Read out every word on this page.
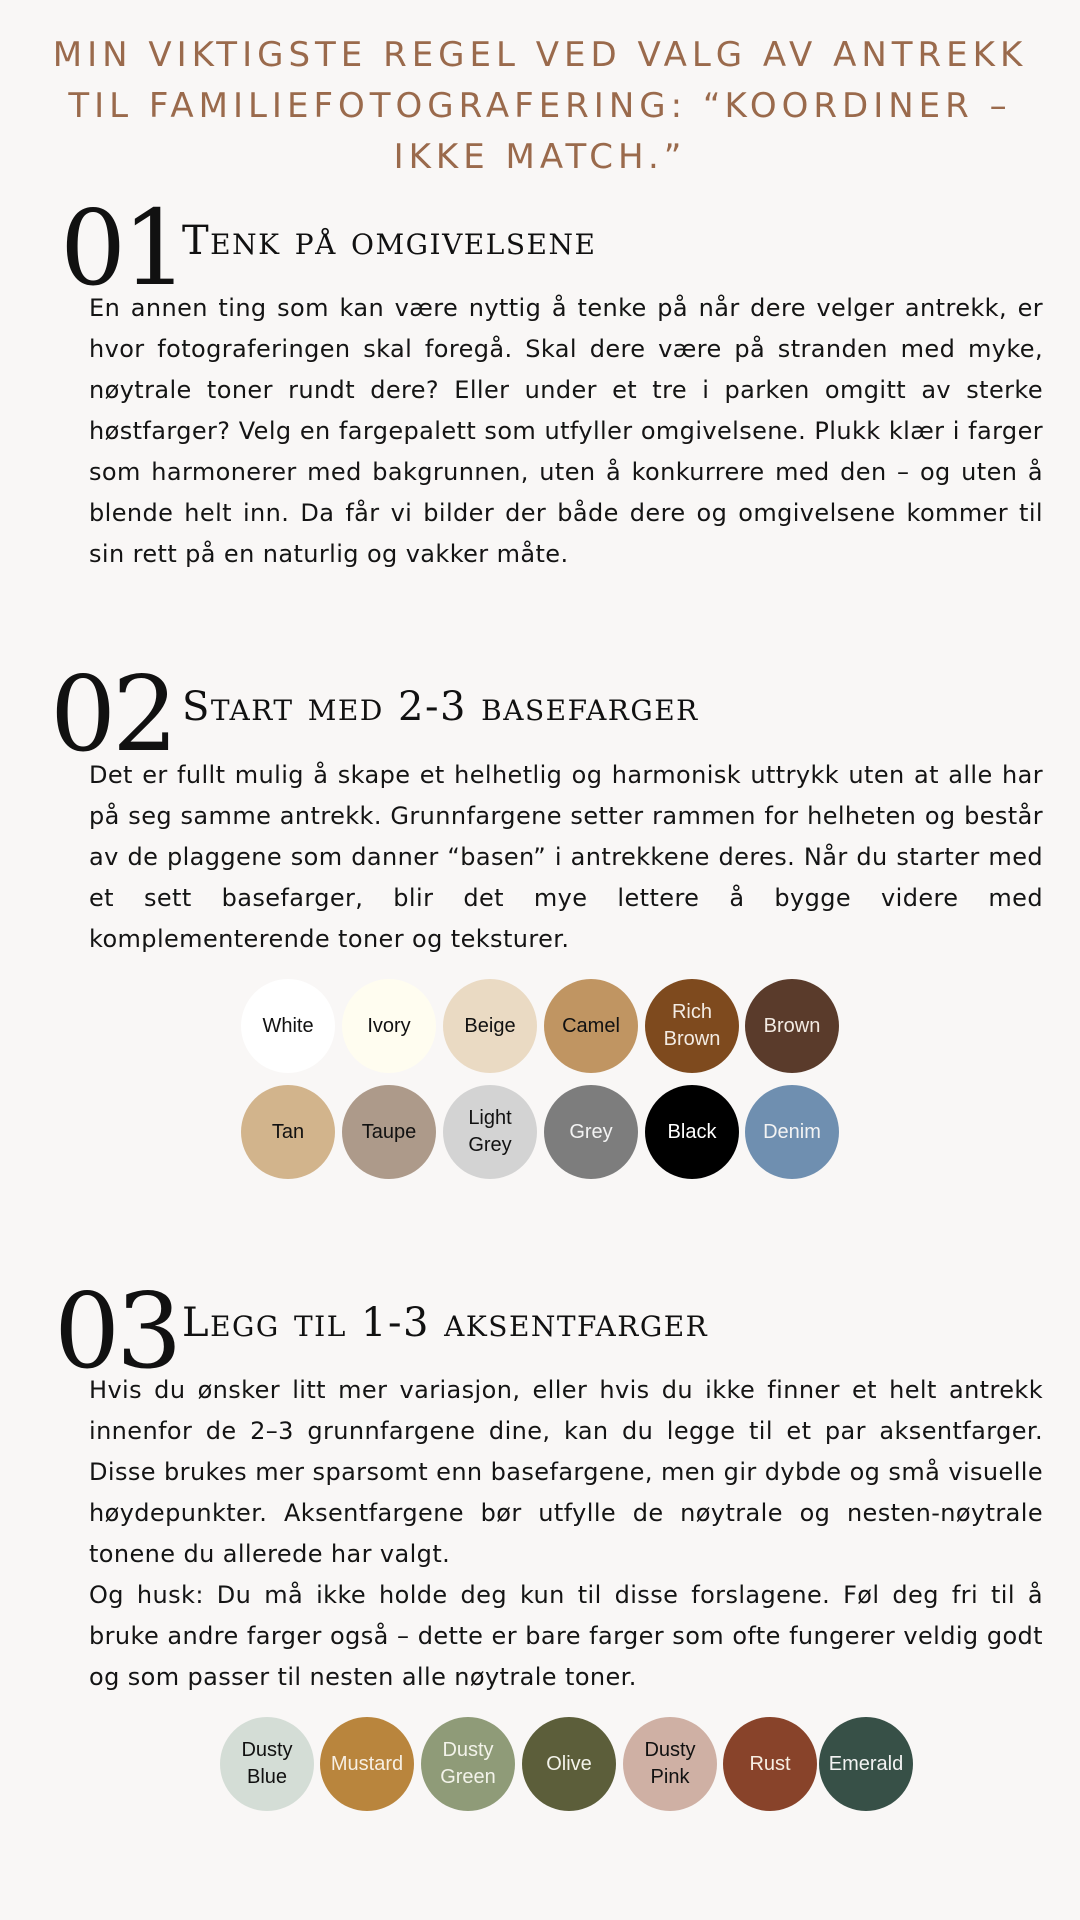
MIN VIKTIGSTE REGEL VED VALG AV ANTREKK TIL FAMILIEFOTOGRAFERING: “KOORDINER – IKKE MATCH.”
01
Tenk på omgivelsene

En annen ting som kan være nyttig å tenke på når dere velger antrekk, er hvor fotograferingen skal foregå. Skal dere være på stranden med myke, nøytrale toner rundt dere? Eller under et tre i parken omgitt av sterke høstfarger? Velg en fargepalett som utfyller omgivelsene. Plukk klær i farger som harmonerer med bakgrunnen, uten å konkurrere med den – og uten å blende helt inn. Da får vi bilder der både dere og omgivelsene kommer til sin rett på en naturlig og vakker måte.

02 Start med 2-3 basefarger

Det er fullt mulig å skape et helhetlig og harmonisk uttrykk uten at alle har på seg samme antrekk. Grunnfargene setter rammen for helheten og består av de plaggene som danner “basen” i antrekkene deres. Når du starter med et sett basefarger, blir det mye lettere å bygge videre med komplementerende toner og teksturer.

White	Ivory	Beige	Camel
Rich
Brown
Brown
Tan	Taupe
Light
Grey
Grey	Black	Denim
03 Legg til 1-3 aksentfarger

Hvis du ønsker litt mer variasjon, eller hvis du ikke finner et helt antrekk innenfor de 2–3 grunnfargene dine, kan du legge til et par aksentfarger. Disse brukes mer sparsomt enn basefargene, men gir dybde og små visuelle høydepunkter. Aksentfargene bør utfylle de nøytrale og nesten-nøytrale tonene du allerede har valgt.

Og husk: Du må ikke holde deg kun til disse forslagene. Føl deg fri til å bruke andre farger også – dette er bare farger som ofte fungerer veldig godt og som passer til nesten alle nøytrale toner.

Dusty
Blue
Mustard
Dusty
Green
Olive
Dusty
Pink
Rust	Emerald
